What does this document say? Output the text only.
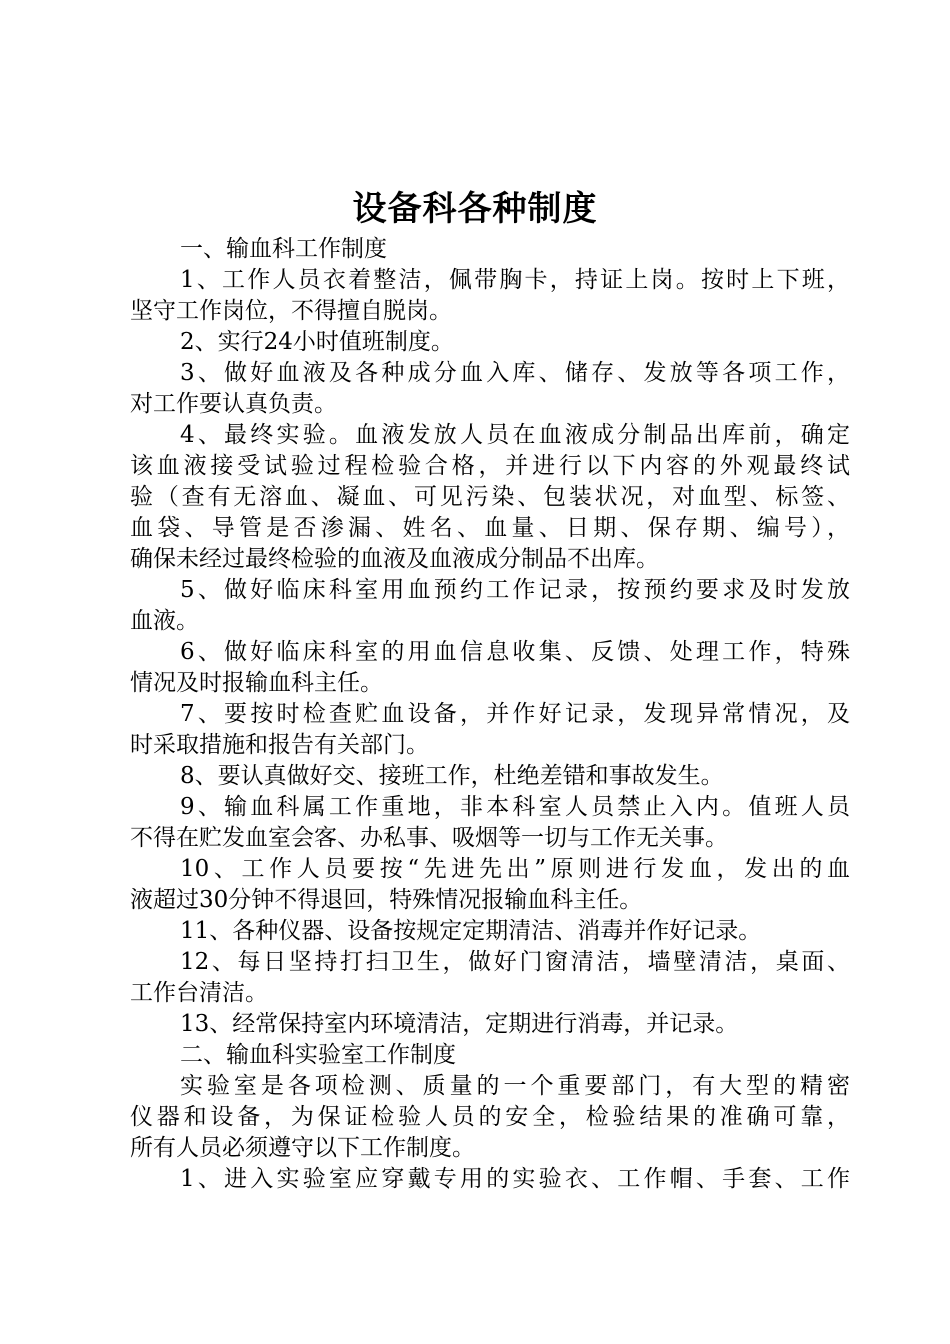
设备科各种制度
一、输血科工作制度
1、工作人员衣着整洁，佩带胸卡，持证上岗。按时上下班，
坚守工作岗位，不得擅自脱岗。
2、实行24小时值班制度。
3、做好血液及各种成分血入库、储存、发放等各项工作，
对工作要认真负责。
4、最终实验。血液发放人员在血液成分制品出库前，确定
该血液接受试验过程检验合格，并进行以下内容的外观最终试
验（查有无溶血、凝血、可见污染、包装状况，对血型、标签、
血袋、导管是否渗漏、姓名、血量、日期、保存期、编号），
确保未经过最终检验的血液及血液成分制品不出库。
5、做好临床科室用血预约工作记录，按预约要求及时发放
血液。
6、做好临床科室的用血信息收集、反馈、处理工作，特殊
情况及时报输血科主任。
7、要按时检查贮血设备，并作好记录，发现异常情况，及
时采取措施和报告有关部门。
8、要认真做好交、接班工作，杜绝差错和事故发生。
9、输血科属工作重地，非本科室人员禁止入内。值班人员
不得在贮发血室会客、办私事、吸烟等一切与工作无关事。
10、工作人员要按“先进先出”原则进行发血，发出的血
液超过30分钟不得退回，特殊情况报输血科主任。
11、各种仪器、设备按规定定期清洁、消毒并作好记录。
12、每日坚持打扫卫生，做好门窗清洁，墙壁清洁，桌面、
工作台清洁。
13、经常保持室内环境清洁，定期进行消毒，并记录。
二、输血科实验室工作制度
实验室是各项检测、质量的一个重要部门，有大型的精密
仪器和设备，为保证检验人员的安全，检验结果的准确可靠，
所有人员必须遵守以下工作制度。
1、进入实验室应穿戴专用的实验衣、工作帽、手套、工作
